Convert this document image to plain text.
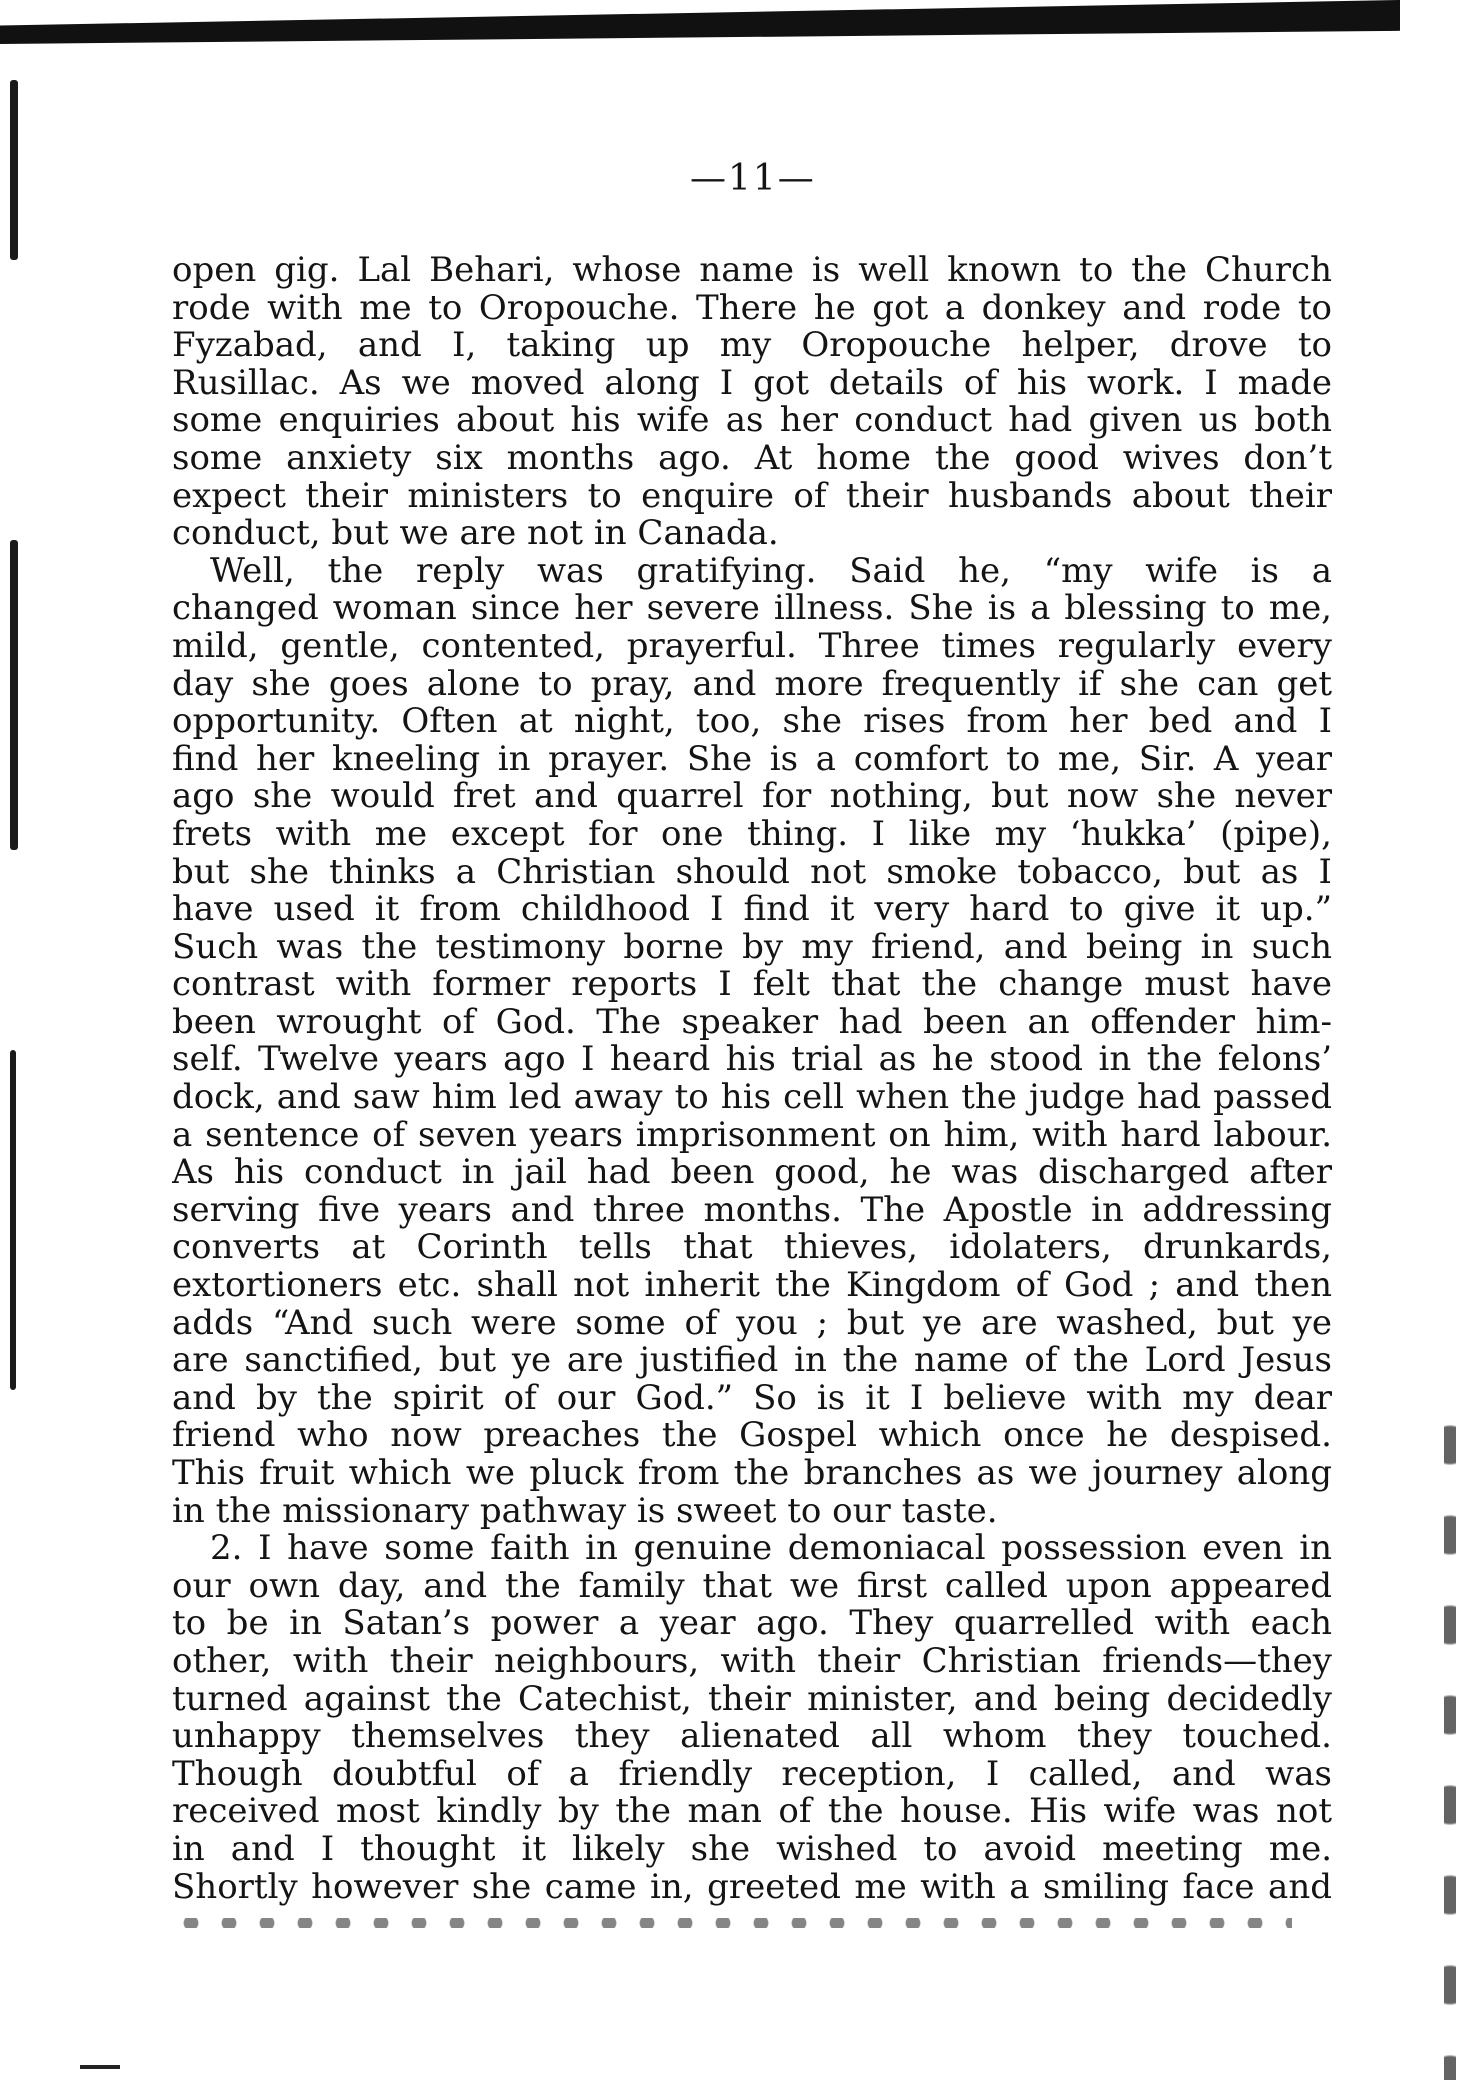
—11—
open gig. Lal Behari, whose name is well known to the Church
rode with me to Oropouche. There he got a donkey and rode to
Fyzabad, and I, taking up my Oropouche helper, drove to
Rusillac. As we moved along I got details of his work. I made
some enquiries about his wife as her conduct had given us both
some anxiety six months ago. At home the good wives don’t
expect their ministers to enquire of their husbands about their
conduct, but we are not in Canada.
Well, the reply was gratifying. Said he, “my wife is a
changed woman since her severe illness. She is a blessing to me,
mild, gentle, contented, prayerful. Three times regularly every
day she goes alone to pray, and more frequently if she can get
opportunity. Often at night, too, she rises from her bed and I
find her kneeling in prayer. She is a comfort to me, Sir. A year
ago she would fret and quarrel for nothing, but now she never
frets with me except for one thing. I like my ‘hukka’ (pipe),
but she thinks a Christian should not smoke tobacco, but as I
have used it from childhood I find it very hard to give it up.”
Such was the testimony borne by my friend, and being in such
contrast with former reports I felt that the change must have
been wrought of God. The speaker had been an offender him-
self. Twelve years ago I heard his trial as he stood in the felons’
dock, and saw him led away to his cell when the judge had passed
a sentence of seven years imprisonment on him, with hard labour.
As his conduct in jail had been good, he was discharged after
serving five years and three months. The Apostle in addressing
converts at Corinth tells that thieves, idolaters, drunkards,
extortioners etc. shall not inherit the Kingdom of God ; and then
adds “And such were some of you ; but ye are washed, but ye
are sanctified, but ye are justified in the name of the Lord Jesus
and by the spirit of our God.” So is it I believe with my dear
friend who now preaches the Gospel which once he despised.
This fruit which we pluck from the branches as we journey along
in the missionary pathway is sweet to our taste.
2. I have some faith in genuine demoniacal possession even in
our own day, and the family that we first called upon appeared
to be in Satan’s power a year ago. They quarrelled with each
other, with their neighbours, with their Christian friends—they
turned against the Catechist, their minister, and being decidedly
unhappy themselves they alienated all whom they touched.
Though doubtful of a friendly reception, I called, and was
received most kindly by the man of the house. His wife was not
in and I thought it likely she wished to avoid meeting me.
Shortly however she came in, greeted me with a smiling face and
